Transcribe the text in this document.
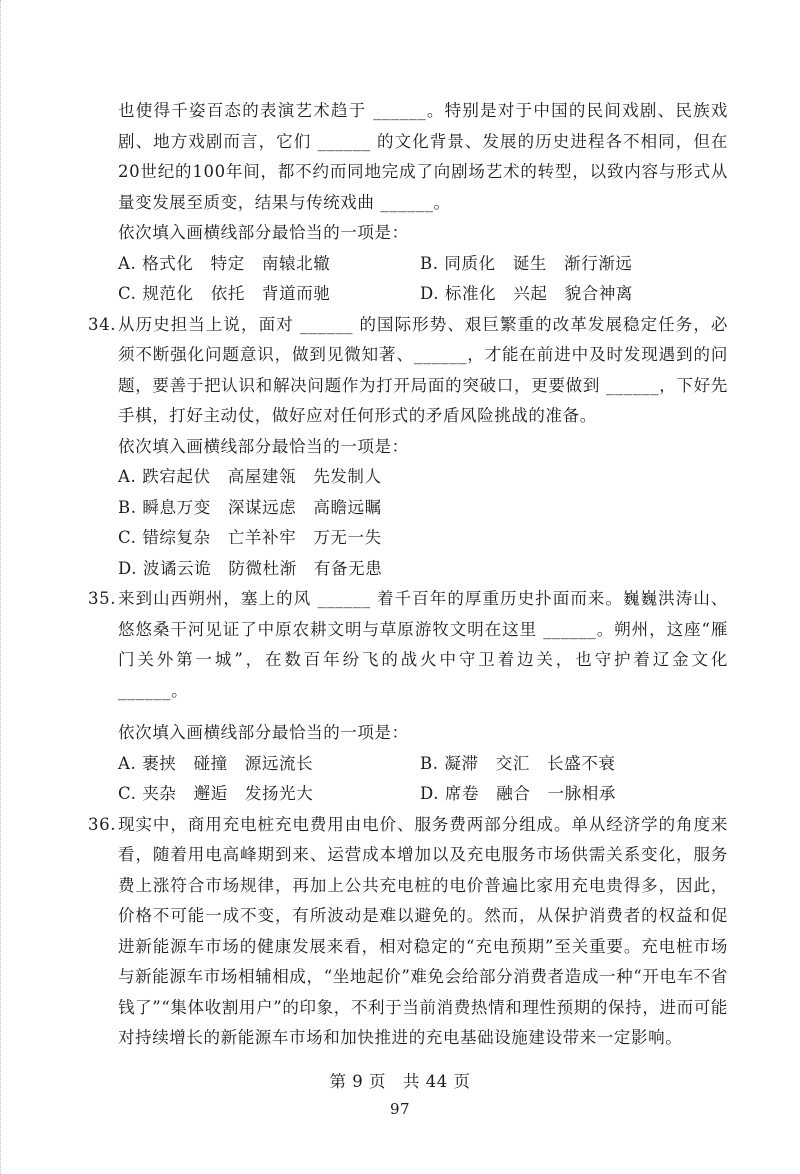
也使得千姿百态的表演艺术趋于 ______。特别是对于中国的民间戏剧、民族戏剧、地方戏剧而言，它们 ______ 的文化背景、发展的历史进程各不相同，但在20世纪的100年间，都不约而同地完成了向剧场艺术的转型，以致内容与形式从量变发展至质变，结果与传统戏曲 ______。

依次填入画横线部分最恰当的一项是：
A. 格式化　特定　南辕北辙	B. 同质化　诞生　渐行渐远
C. 规范化　依托　背道而驰	D. 标准化　兴起　貌合神离
34. 从历史担当上说，面对 ______ 的国际形势、艰巨繁重的改革发展稳定任务，必须不断强化问题意识，做到见微知著、______，才能在前进中及时发现遇到的问题，要善于把认识和解决问题作为打开局面的突破口，更要做到 ______，下好先手棋，打好主动仗，做好应对任何形式的矛盾风险挑战的准备。
依次填入画横线部分最恰当的一项是：
A. 跌宕起伏　高屋建瓴　先发制人
B. 瞬息万变　深谋远虑　高瞻远瞩
C. 错综复杂　亡羊补牢　万无一失
D. 波谲云诡　防微杜渐　有备无患
35. 来到山西朔州，塞上的风 ______ 着千百年的厚重历史扑面而来。巍巍洪涛山、悠悠桑干河见证了中原农耕文明与草原游牧文明在这里 ______。朔州，这座“雁门关外第一城”，在数百年纷飞的战火中守卫着边关，也守护着辽金文化 ______。
依次填入画横线部分最恰当的一项是：
A. 裹挟　碰撞　源远流长	B. 凝滞　交汇　长盛不衰
C. 夹杂　邂逅　发扬光大	D. 席卷　融合　一脉相承
36. 现实中，商用充电桩充电费用由电价、服务费两部分组成。单从经济学的角度来看，随着用电高峰期到来、运营成本增加以及充电服务市场供需关系变化，服务费上涨符合市场规律，再加上公共充电桩的电价普遍比家用充电贵得多，因此，价格不可能一成不变，有所波动是难以避免的。然而，从保护消费者的权益和促进新能源车市场的健康发展来看，相对稳定的“充电预期”至关重要。充电桩市场与新能源车市场相辅相成，“坐地起价”难免会给部分消费者造成一种“开电车不省钱了”“集体收割用户”的印象，不利于当前消费热情和理性预期的保持，进而可能对持续增长的新能源车市场和加快推进的充电基础设施建设带来一定影响。
第 9 页　共 44 页
97
